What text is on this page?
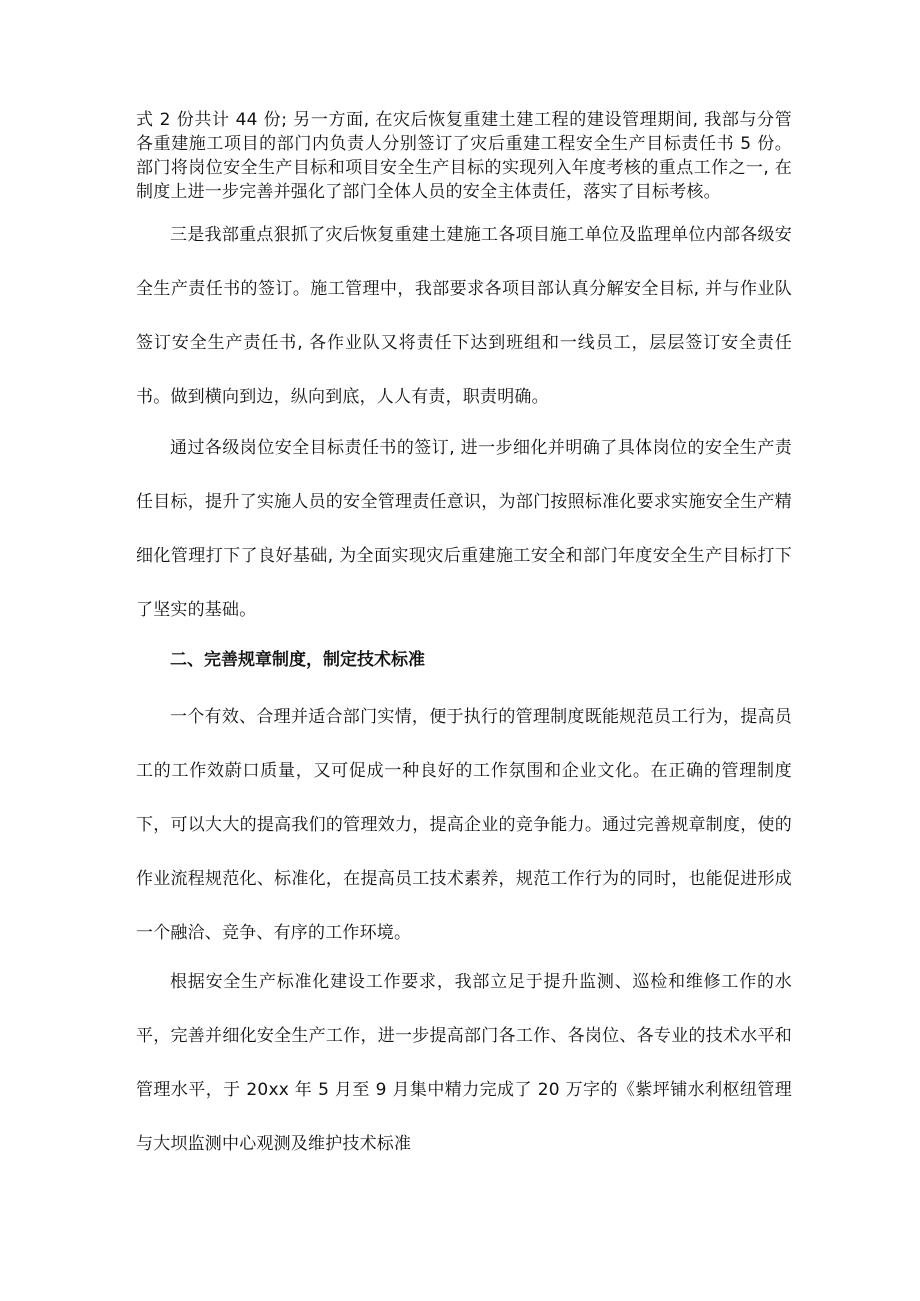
式 2 份共计 44 份; 另一方面, 在灾后恢复重建土建工程的建设管理期间, 我部与分管各重建施工项目的部门内负责人分别签订了灾后重建工程安全生产目标责任书 5 份。部门将岗位安全生产目标和项目安全生产目标的实现列入年度考核的重点工作之一, 在制度上进一步完善并强化了部门全体人员的安全主体责任，落实了目标考核。

三是我部重点狠抓了灾后恢复重建土建施工各项目施工单位及监理单位内部各级安全生产责任书的签订。施工管理中，我部要求各项目部认真分解安全目标, 并与作业队签订安全生产责任书, 各作业队又将责任下达到班组和一线员工，层层签订安全责任书。做到横向到边，纵向到底，人人有责，职责明确。

通过各级岗位安全目标责任书的签订, 进一步细化并明确了具体岗位的安全生产责任目标，提升了实施人员的安全管理责任意识，为部门按照标准化要求实施安全生产精细化管理打下了良好基础, 为全面实现灾后重建施工安全和部门年度安全生产目标打下了坚实的基础。

二、完善规章制度，制定技术标准

一个有效、合理并适合部门实情，便于执行的管理制度既能规范员工行为，提高员工的工作效蔚口质量，又可促成一种良好的工作氛围和企业文化。在正确的管理制度下，可以大大的提高我们的管理效力，提高企业的竞争能力。通过完善规章制度，使的作业流程规范化、标准化，在提高员工技术素养，规范工作行为的同时，也能促进形成一个融洽、竞争、有序的工作环境。

根据安全生产标准化建设工作要求，我部立足于提升监测、巡检和维修工作的水平，完善并细化安全生产工作，进一步提高部门各工作、各岗位、各专业的技术水平和管理水平，于 20xx 年 5 月至 9 月集中精力完成了 20 万字的《紫坪铺水利枢纽管理与大坝监测中心观测及维护技术标准
